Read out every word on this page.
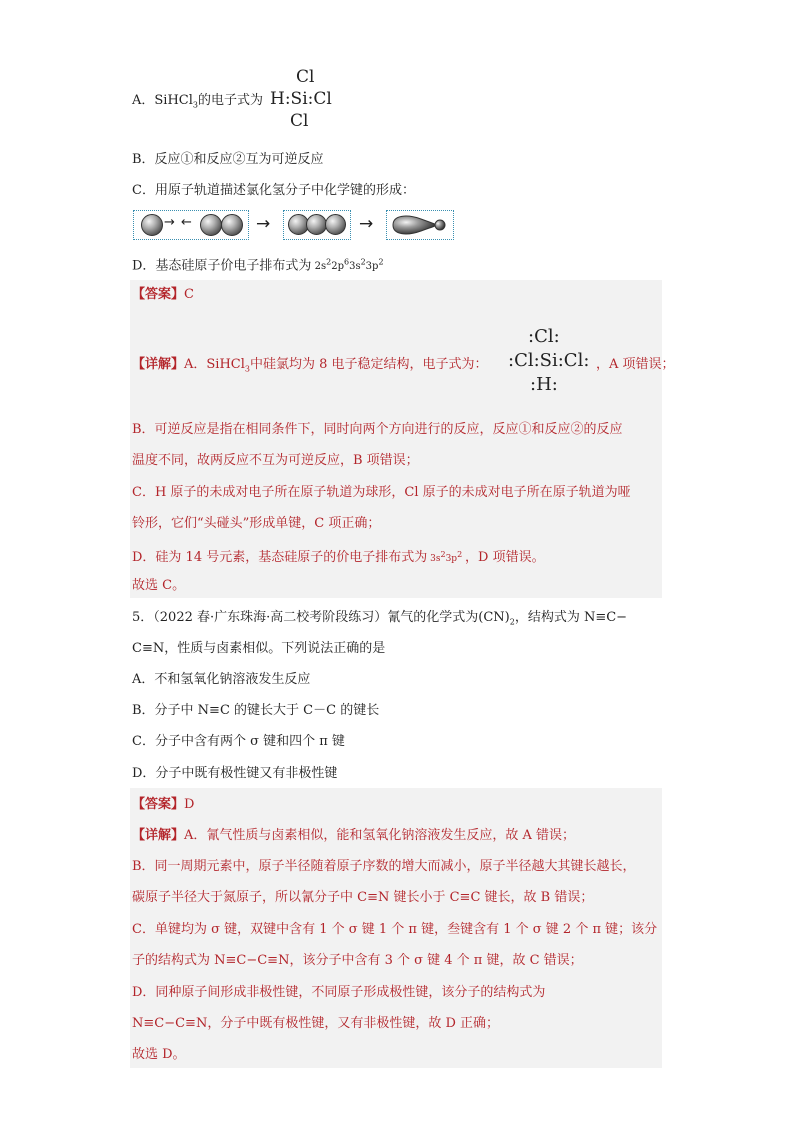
A．SiHCl$_3$的电子式为
Cl
H:Si:Cl
Cl
B．反应①和反应②互为可逆反应
C．用原子轨道描述氯化氢分子中化学键的形成：
→ ←	→	→
D．基态硅原子价电子排布式为 $2s^22p^63s^23p^2$
【答案】C
【详解】A．SiHCl$_3$中硅氯均为 8 电子稳定结构，电子式为：
:Cl:
:Cl:Si:Cl:
:H:
，A 项错误；
B．可逆反应是指在相同条件下，同时向两个方向进行的反应，反应①和反应②的反应
温度不同，故两反应不互为可逆反应，B 项错误；
C．H 原子的未成对电子所在原子轨道为球形，Cl 原子的未成对电子所在原子轨道为哑
铃形，它们“头碰头”形成单键，C 项正确；
D．硅为 14 号元素，基态硅原子的价电子排布式为 3s23p2 ，D 项错误。
故选 C。
5．（2022 春·广东珠海·高二校考阶段练习）氰气的化学式为$(CN)_2$，结构式为 N≡C−
C≡N，性质与卤素相似。下列说法正确的是
A．不和氢氧化钠溶液发生反应
B．分子中 N≡C 的键长大于 C－C 的键长
C．分子中含有两个 σ 键和四个 π 键
D．分子中既有极性键又有非极性键
【答案】D
【详解】A．氰气性质与卤素相似，能和氢氧化钠溶液发生反应，故 A 错误；
B．同一周期元素中，原子半径随着原子序数的增大而减小，原子半径越大其键长越长，
碳原子半径大于氮原子，所以氰分子中 C≡N 键长小于 C≡C 键长，故 B 错误；
C．单键均为 σ 键，双键中含有 1 个 σ 键 1 个 π 键，叁键含有 1 个 σ 键 2 个 π 键；该分
子的结构式为 N≡C−C≡N，该分子中含有 3 个 σ 键 4 个 π 键，故 C 错误；
D．同种原子间形成非极性键，不同原子形成极性键，该分子的结构式为
N≡C−C≡N，分子中既有极性键，又有非极性键，故 D 正确；
故选 D。
